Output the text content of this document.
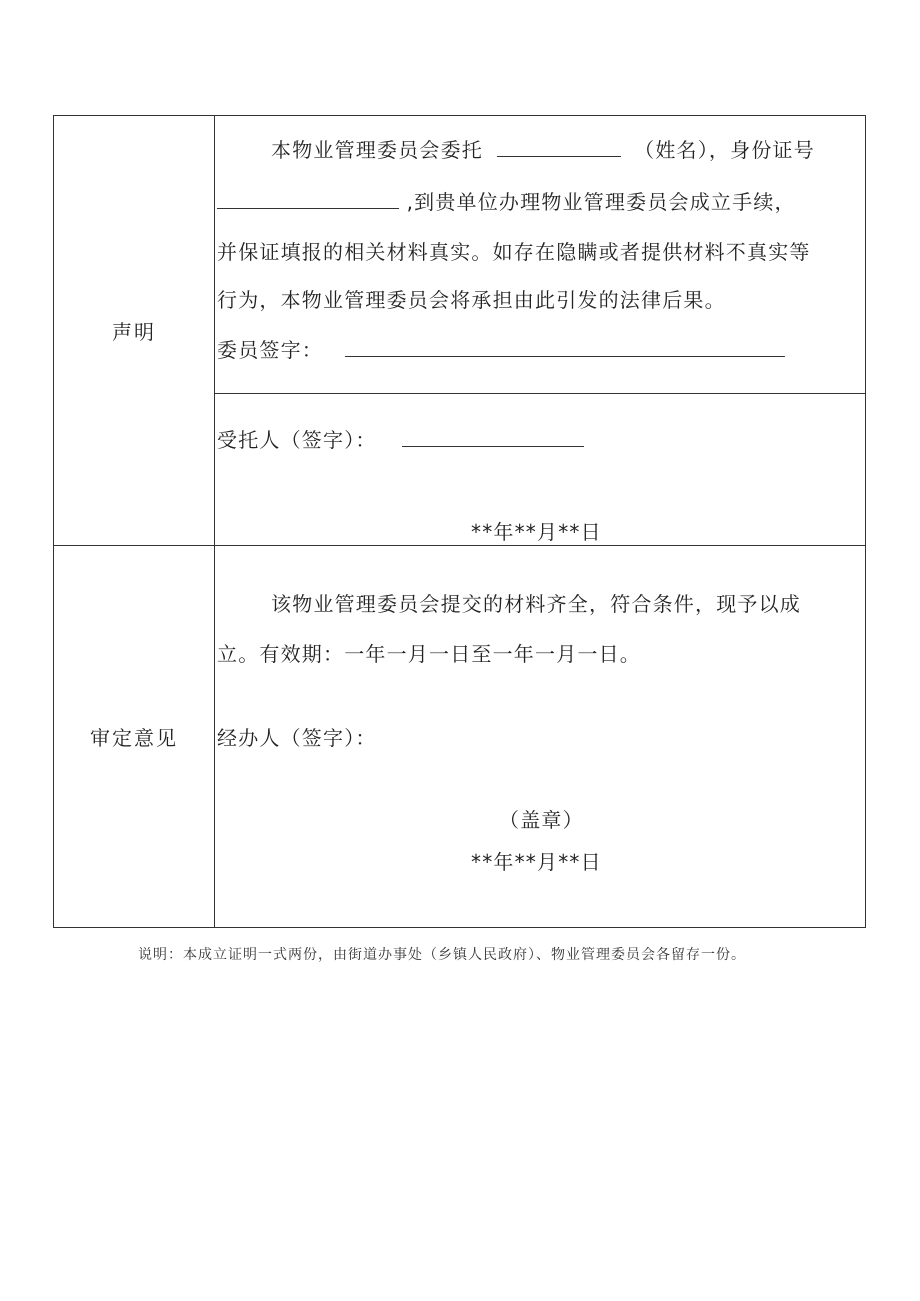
声明	本物业管理委员会委托 （姓名），身份证号
,到贵单位办理物业管理委员会成立手续，
并保证填报的相关材料真实。如存在隐瞒或者提供材料不真实等
行为，本物业管理委员会将承担由此引发的法律后果。
委员签字：

	受托人（签字）：
**年**月**日

审定意见	该物业管理委员会提交的材料齐全，符合条件，现予以成
立。有效期：一年一月一日至一年一月一日。
经办人（签字）：
（盖章）
**年**月**日
说明：本成立证明一式两份，由街道办事处（乡镇人民政府）、物业管理委员会各留存一份。
